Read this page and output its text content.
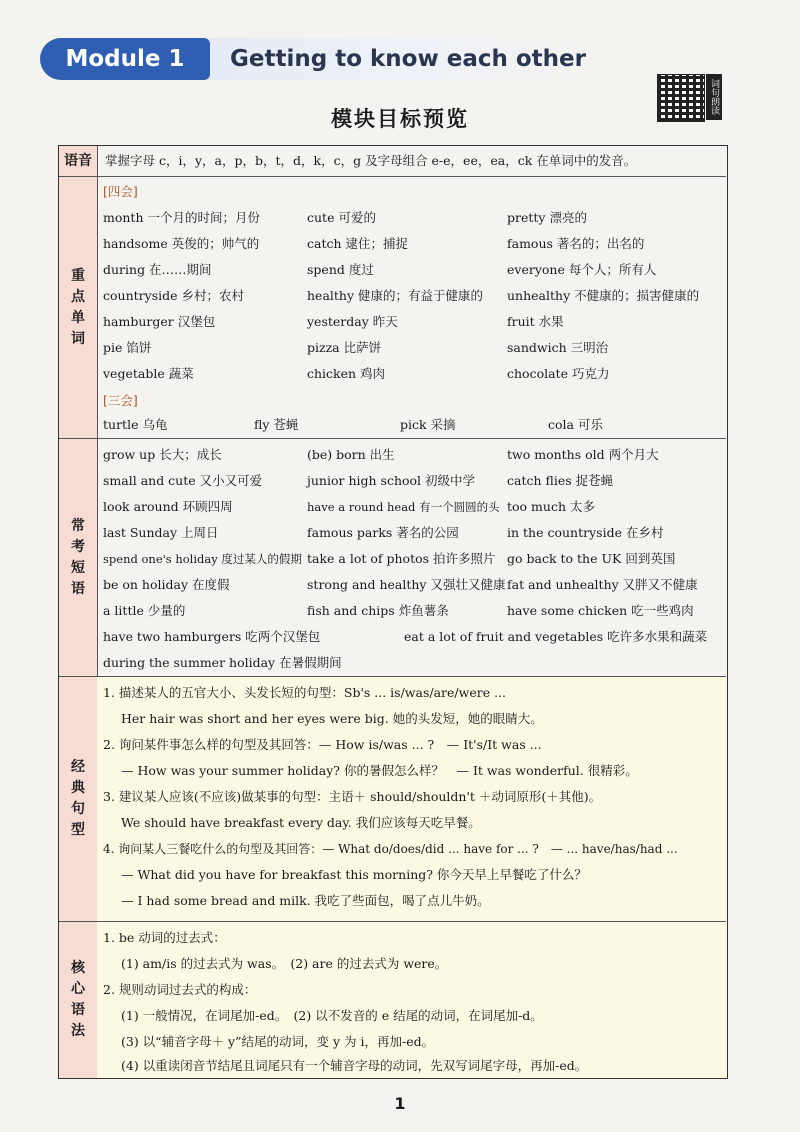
Module 1	Getting to know each other
词句朗读
模块目标预览
语 音 掌握字母 c，i，y，a，p，b，t，d，k，c，g 及字母组合 e-e，ee，ea，ck 在单词中的发音。
重
点
单
词
[四会]
month 一个月的时间；月份	cute 可爱的	pretty 漂亮的
handsome 英俊的；帅气的	catch 逮住；捕捉	famous 著名的；出名的
during 在……期间	spend 度过	everyone 每个人；所有人
countryside 乡村；农村	healthy 健康的；有益于健康的 unhealthy 不健康的；损害健康的
hamburger 汉堡包	yesterday 昨天	fruit 水果
pie 馅饼	pizza 比萨饼	sandwich 三明治
vegetable 蔬菜	chicken 鸡肉	chocolate 巧克力
[三会]
turtle 乌龟	fly 苍蝇	pick 采摘	cola 可乐
常
考
短
语
grow up 长大；成长	(be) born 出生	two months old 两个月大
small and cute 又小又可爱	junior high school 初级中学	catch flies 捉苍蝇
look around 环顾四周	have a round head 有一个圆圆的头 too much 太多
last Sunday 上周日	famous parks 著名的公园	in the countryside 在乡村
spend one's holiday 度过某人的假期 take a lot of photos 拍许多照片 go back to the UK 回到英国
be on holiday 在度假	strong and healthy 又强壮又健康 fat and unhealthy 又胖又不健康
a little 少量的	fish and chips 炸鱼薯条	have some chicken 吃一些鸡肉
have two hamburgers 吃两个汉堡包	eat a lot of fruit and vegetables 吃许多水果和蔬菜
during the summer holiday 在暑假期间
经
典
句
型
1. 描述某人的五官大小、头发长短的句型：Sb's ... is/was/are/were ...
Her hair was short and her eyes were big. 她的头发短，她的眼睛大。
2. 询问某件事怎么样的句型及其回答：— How is/was ... ?　— It's/It was ...
— How was your summer holiday? 你的暑假怎么样？　— It was wonderful. 很精彩。
3. 建议某人应该(不应该)做某事的句型：主语＋ should/shouldn't ＋动词原形(＋其他)。
We should have breakfast every day. 我们应该每天吃早餐。
4. 询问某人三餐吃什么的句型及其回答：— What do/does/did ... have for ... ?　— ... have/has/had ...
— What did you have for breakfast this morning? 你今天早上早餐吃了什么？
— I had some bread and milk. 我吃了些面包，喝了点儿牛奶。
核
心
语
法
1. be 动词的过去式：
(1) am/is 的过去式为 was。　(2) are 的过去式为 were。
2. 规则动词过去式的构成：
(1) 一般情况，在词尾加-ed。　(2) 以不发音的 e 结尾的动词，在词尾加-d。
(3) 以“辅音字母＋ y”结尾的动词，变 y 为 i，再加-ed。
(4) 以重读闭音节结尾且词尾只有一个辅音字母的动词，先双写词尾字母，再加-ed。
1
